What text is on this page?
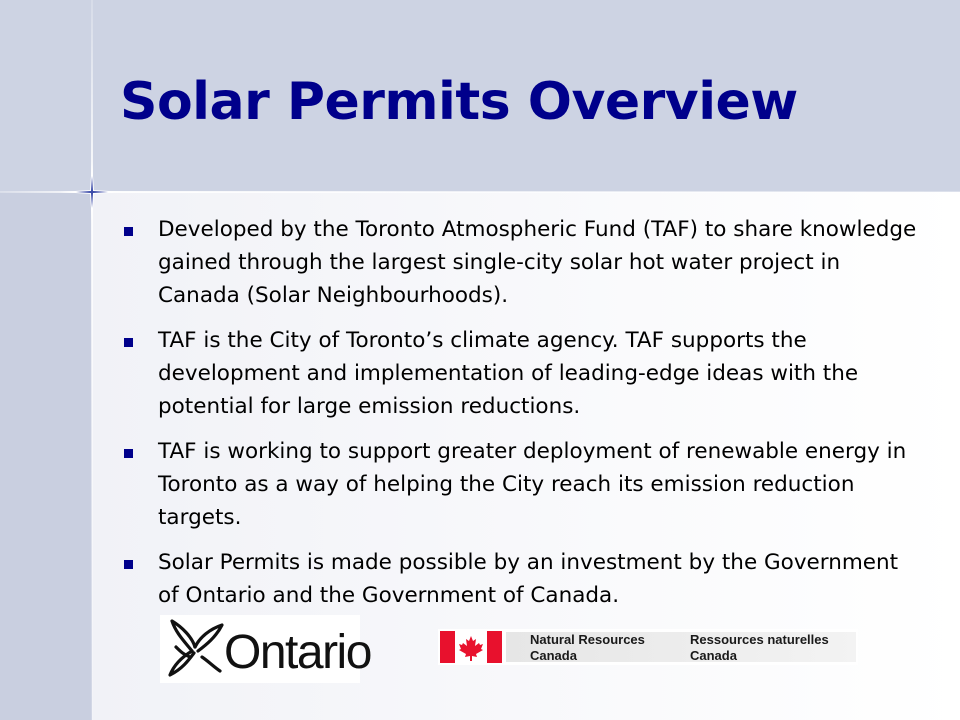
Solar Permits Overview
Developed by the Toronto Atmospheric Fund (TAF) to share knowledge gained through the largest single-city solar hot water project in Canada (Solar Neighbourhoods).
TAF is the City of Toronto’s climate agency. TAF supports the development and implementation of leading-edge ideas with the potential for large emission reductions.
TAF is working to support greater deployment of renewable energy in Toronto as a way of helping the City reach its emission reduction targets.
Solar Permits is made possible by an investment by the Government of Ontario and the Government of Canada.
Ontario	Natural Resources
Canada
Ressources naturelles
Canada
